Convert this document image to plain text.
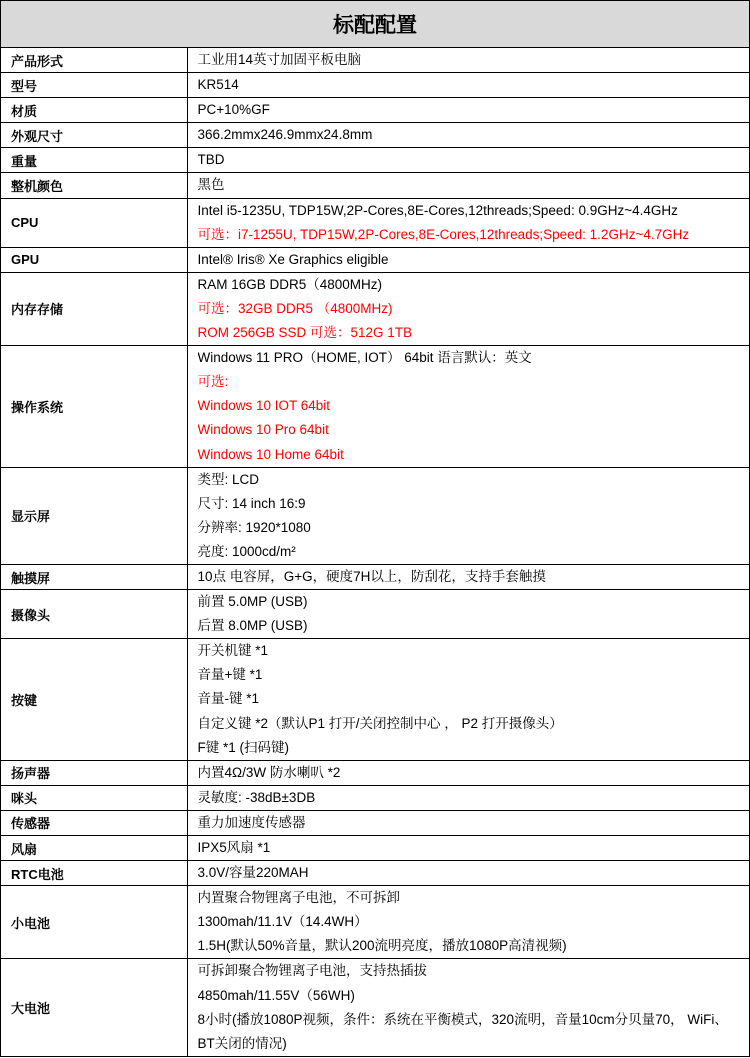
标配配置
产品形式	工业用14英寸加固平板电脑

型号	KR514

材质	PC+10%GF

外观尺寸	366.2mmx246.9mmx24.8mm

重量	TBD

整机颜色	黑色

CPU	Intel i5-1235U, TDP15W,2P-Cores,8E-Cores,12threads;Speed: 0.9GHz~4.4GHz
可选：i7-1255U, TDP15W,2P-Cores,8E-Cores,12threads;Speed: 1.2GHz~4.7GHz

GPU	Intel® Iris® Xe Graphics eligible

内存存储	RAM 16GB DDR5（4800MHz)
可选：32GB DDR5 （4800MHz)
ROM 256GB SSD 可选：512G 1TB

操作系统	Windows 11 PRO（HOME, IOT） 64bit 语言默认：英文
可选:
Windows 10 IOT 64bit
Windows 10 Pro 64bit
Windows 10 Home 64bit

显示屏	类型: LCD
尺寸: 14 inch 16:9
分辨率: 1920*1080
亮度: 1000cd/m²

触摸屏	10点 电容屏，G+G，硬度7H以上，防刮花，支持手套触摸

摄像头	前置 5.0MP (USB)
后置 8.0MP (USB)

按键	开关机键 *1
音量+键 *1
音量-键 *1
自定义键 *2（默认P1 打开/关闭控制中心 ， P2 打开摄像头）
F键 *1 (扫码键)

扬声器	内置4Ω/3W 防水喇叭 *2

咪头	灵敏度: -38dB±3DB

传感器	重力加速度传感器

风扇	IPX5风扇 *1

RTC电池	3.0V/容量220MAH

小电池	内置聚合物锂离子电池，不可拆卸
1300mah/11.1V（14.4WH）
1.5H(默认50%音量，默认200流明亮度，播放1080P高清视频)

大电池	可拆卸聚合物锂离子电池，支持热插拔
4850mah/11.55V（56WH)
8小时(播放1080P视频，条件：系统在平衡模式，320流明，音量10cm分贝量70， WiFi、
BT关闭的情况)
